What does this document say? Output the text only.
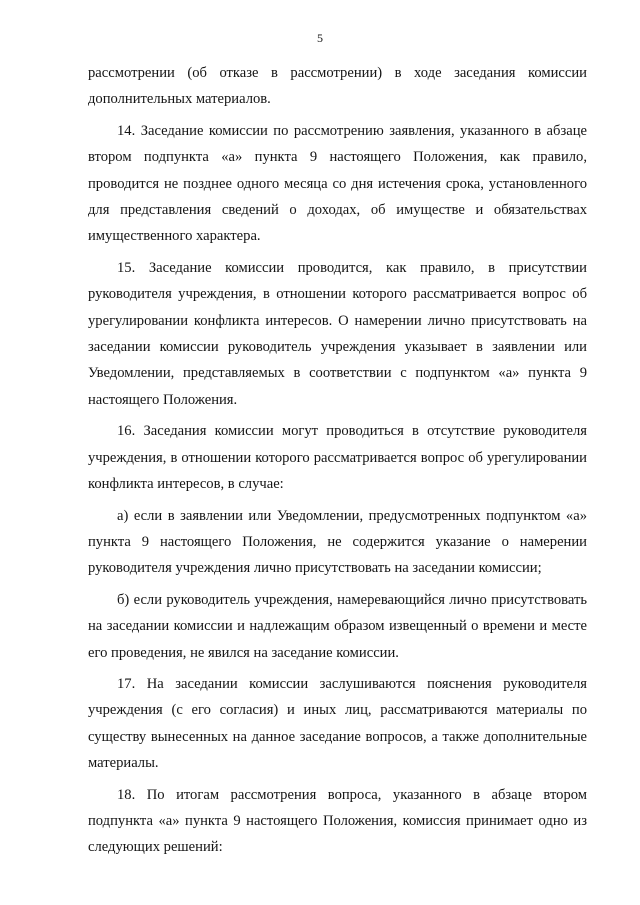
5

рассмотрении (об отказе в рассмотрении) в ходе заседания комиссии дополнительных материалов.

14. Заседание комиссии по рассмотрению заявления, указанного в абзаце втором подпункта «а» пункта 9 настоящего Положения, как правило, проводится не позднее одного месяца со дня истечения срока, установленного для представления сведений о доходах, об имуществе и обязательствах имущественного характера.

15. Заседание комиссии проводится, как правило, в присутствии руководителя учреждения, в отношении которого рассматривается вопрос об урегулировании конфликта интересов. О намерении лично присутствовать на заседании комиссии руководитель учреждения указывает в заявлении или Уведомлении, представляемых в соответствии с подпунктом «а» пункта 9 настоящего Положения.

16. Заседания комиссии могут проводиться в отсутствие руководителя учреждения, в отношении которого рассматривается вопрос об урегулировании конфликта интересов, в случае:

а) если в заявлении или Уведомлении, предусмотренных подпунктом «а» пункта 9 настоящего Положения, не содержится указание о намерении руководителя учреждения лично присутствовать на заседании комиссии;

б) если руководитель учреждения, намеревающийся лично присутствовать на заседании комиссии и надлежащим образом извещенный о времени и месте его проведения, не явился на заседание комиссии.

17. На заседании комиссии заслушиваются пояснения руководителя учреждения (с его согласия) и иных лиц, рассматриваются материалы по существу вынесенных на данное заседание вопросов, а также дополнительные материалы.

18. По итогам рассмотрения вопроса, указанного в абзаце втором подпункта «а» пункта 9 настоящего Положения, комиссия принимает одно из следующих решений:
